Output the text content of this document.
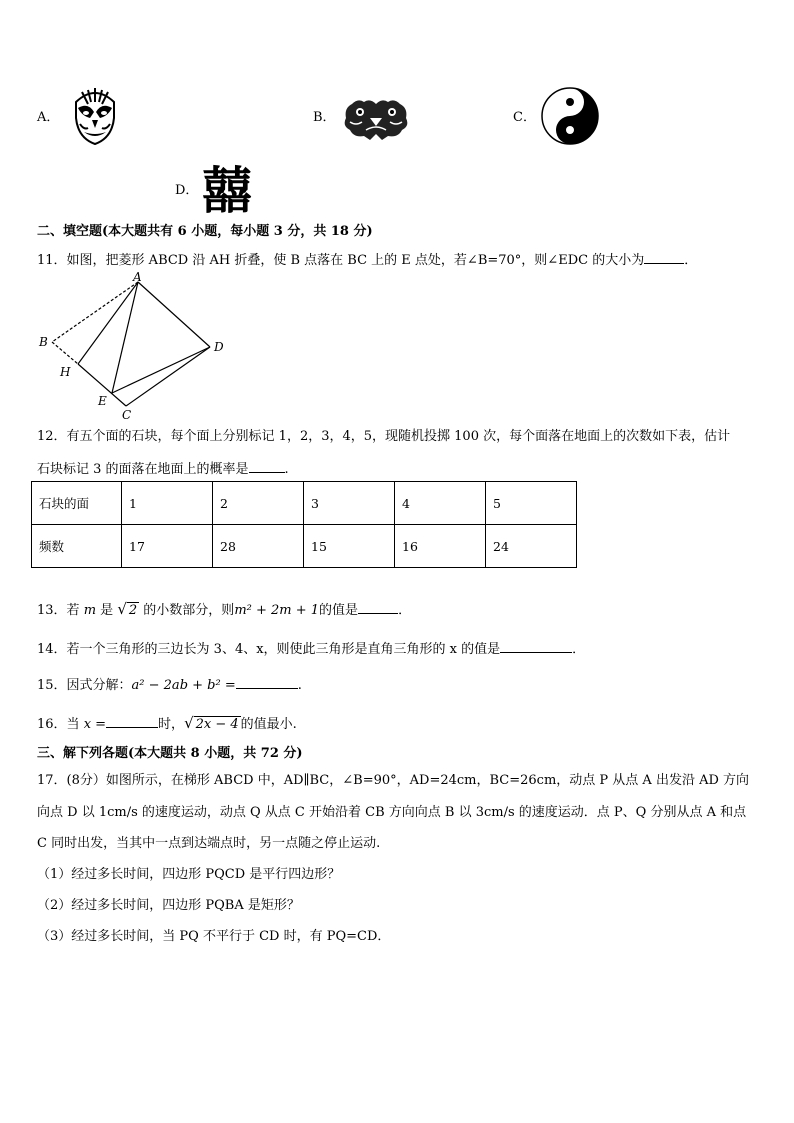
A．	B．	C．
D． 囍
二、填空题(本大题共有 6 小题，每小题 3 分，共 18 分)
11．如图，把菱形 ABCD 沿 AH 折叠，使 B 点落在 BC 上的 E 点处，若∠B=70°，则∠EDC 的大小为	．
A
B	D
H
E
C
12．有五个面的石块，每个面上分别标记 1，2，3，4，5，现随机投掷 100 次，每个面落在地面上的次数如下表，估计
石块标记 3 的面落在地面上的概率是	.
石块的面	1	2	3	4	5
频数	17	28	15	16	24
13．若 m 是 √ 2 的小数部分，则m² + 2m + 1的值是	．
14．若一个三角形的三边长为 3、4、x，则使此三角形是直角三角形的 x 的值是	．
15．因式分解：a² − 2ab + b² =	.
16．当 x =	时，√ 2x − 4 的值最小.
三、解下列各题(本大题共 8 小题，共 72 分)
17．(8分）如图所示，在梯形 ABCD 中，AD∥BC，∠B=90°，AD=24cm，BC=26cm，动点 P 从点 A 出发沿 AD 方向
向点 D 以 1cm/s 的速度运动，动点 Q 从点 C 开始沿着 CB 方向向点 B 以 3cm/s 的速度运动．点 P、Q 分别从点 A 和点
C 同时出发，当其中一点到达端点时，另一点随之停止运动.
（1）经过多长时间，四边形 PQCD 是平行四边形？
（2）经过多长时间，四边形 PQBA 是矩形？
（3）经过多长时间，当 PQ 不平行于 CD 时，有 PQ=CD．
